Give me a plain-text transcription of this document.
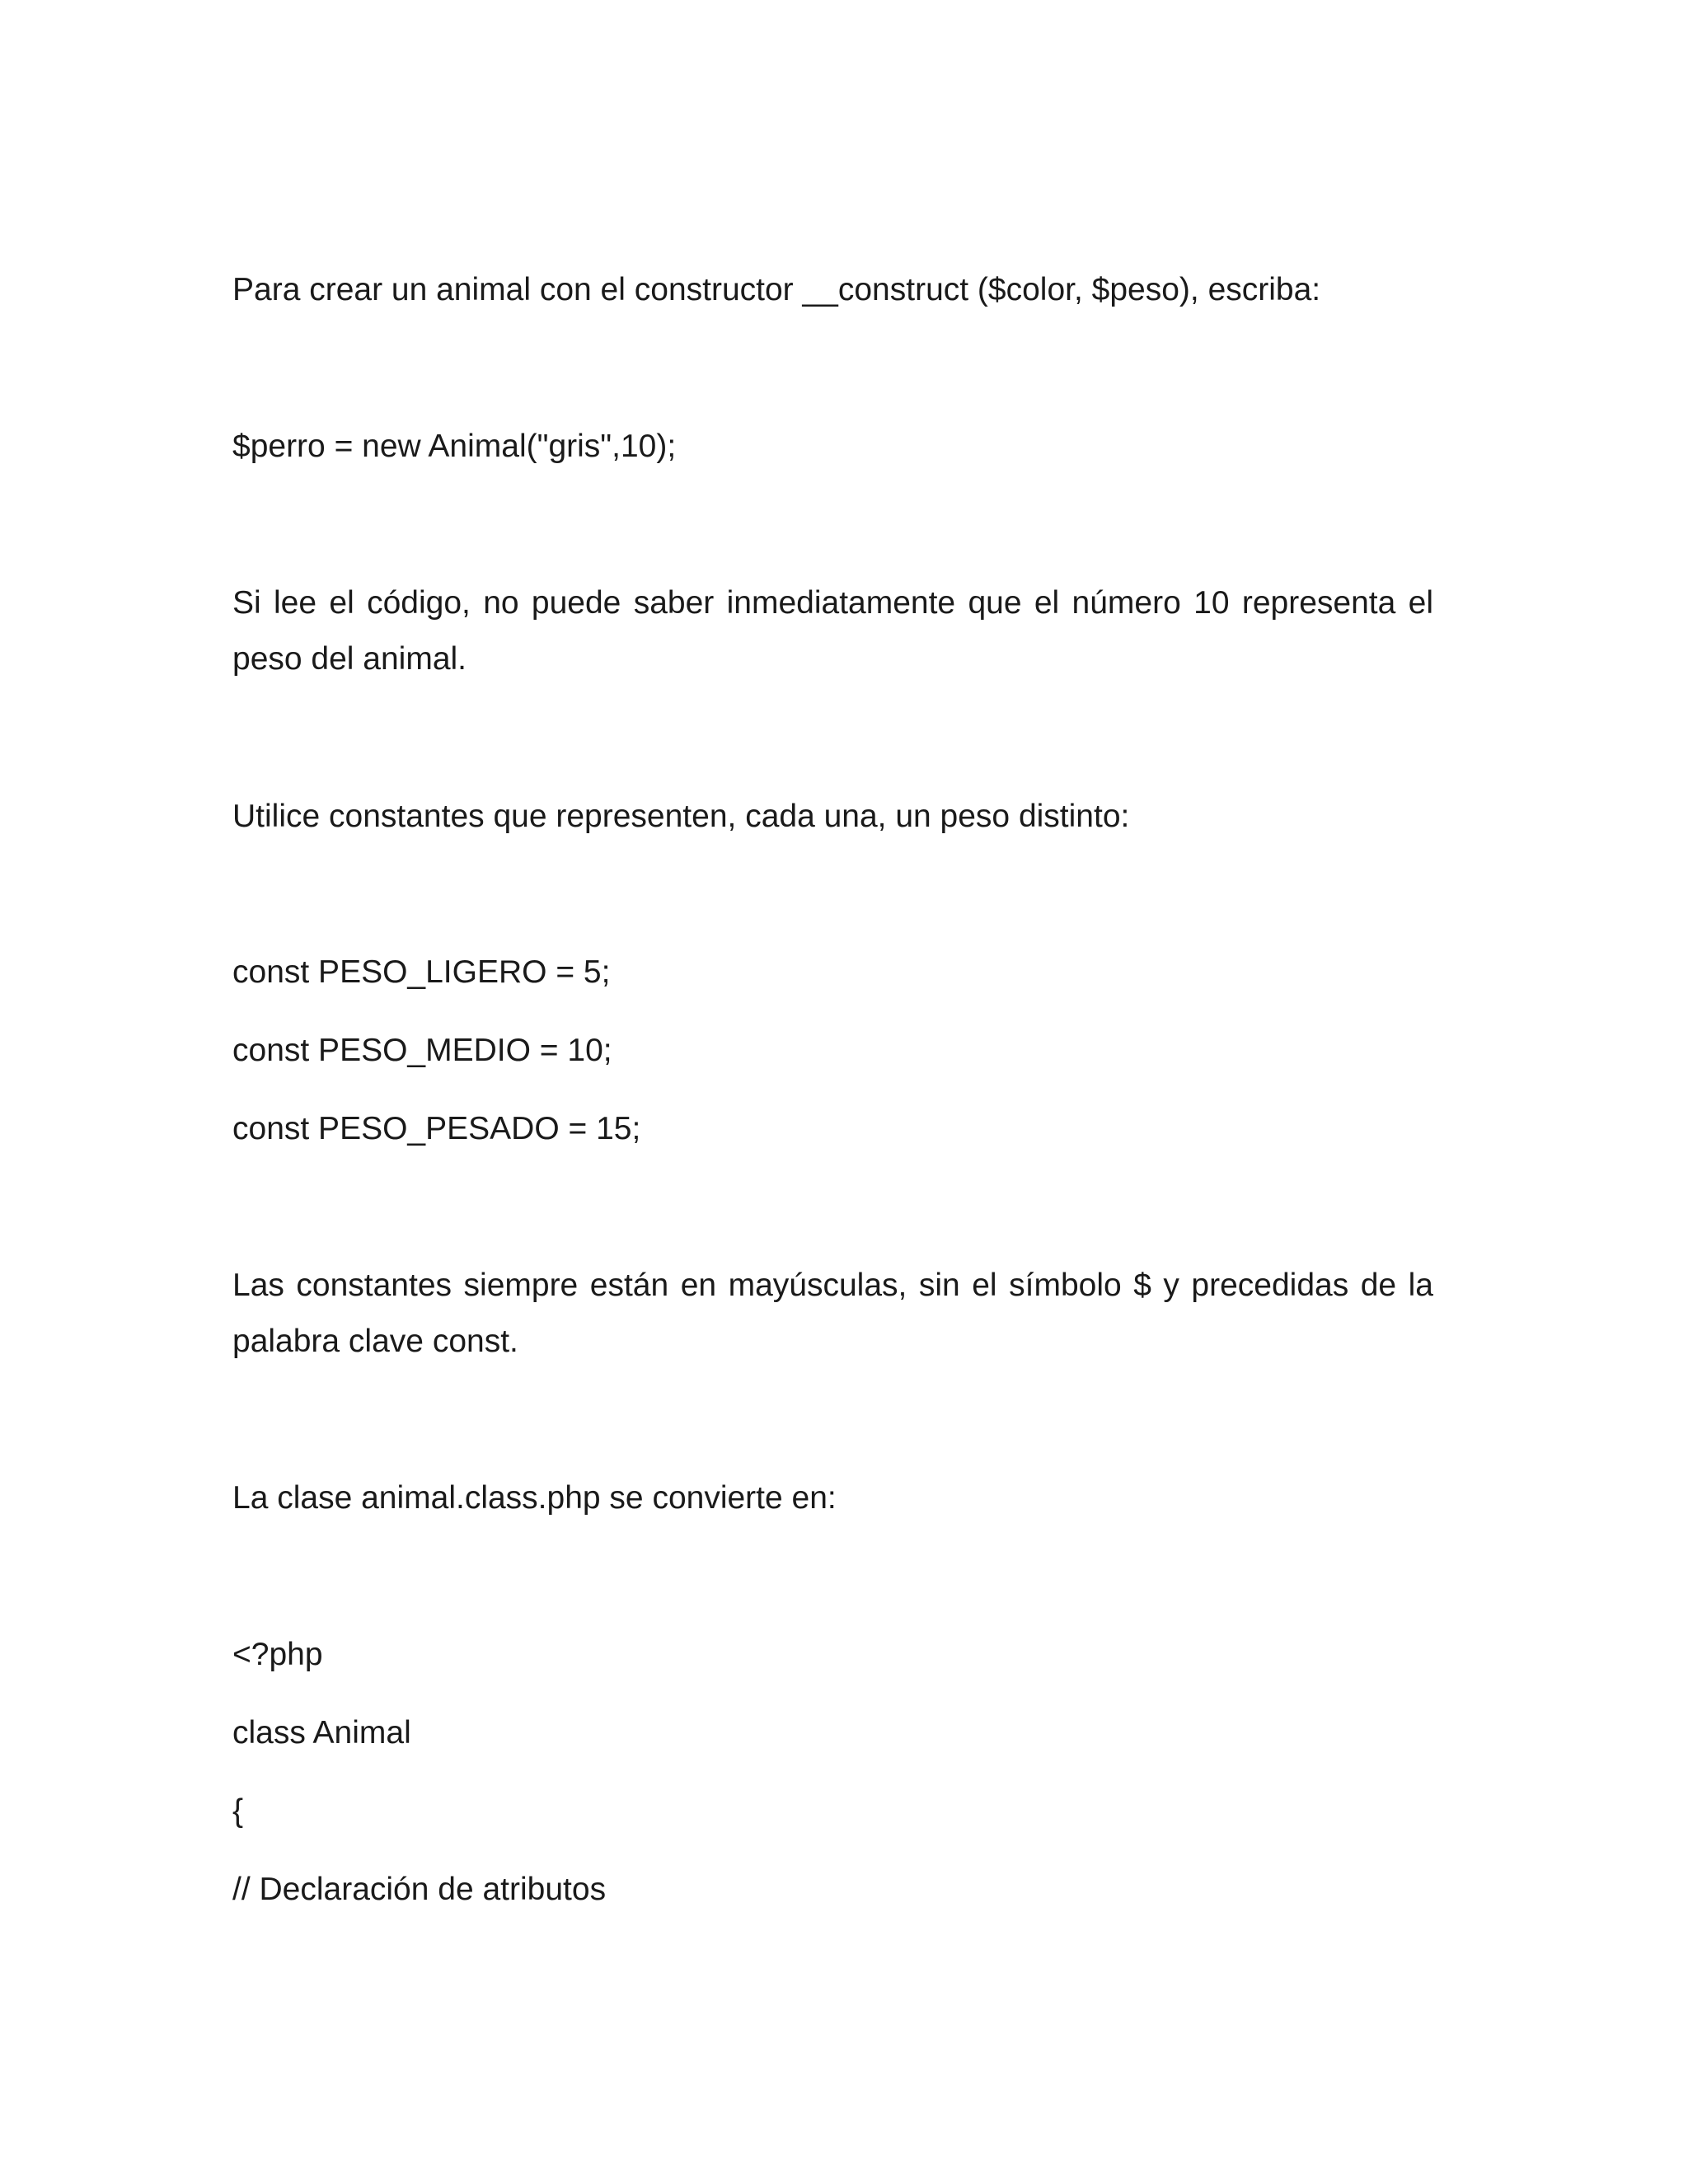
Para crear un animal con el constructor __construct ($color, $peso), escriba:

$perro = new Animal("gris",10);

Si lee el código, no puede saber inmediatamente que el número 10 representa el

peso del animal.

Utilice constantes que representen, cada una, un peso distinto:

const PESO_LIGERO = 5;

const PESO_MEDIO = 10;

const PESO_PESADO = 15;

Las constantes siempre están en mayúsculas, sin el símbolo $ y precedidas de la

palabra clave const.

La clase animal.class.php se convierte en:

<?php

class Animal

{

// Declaración de atributos
